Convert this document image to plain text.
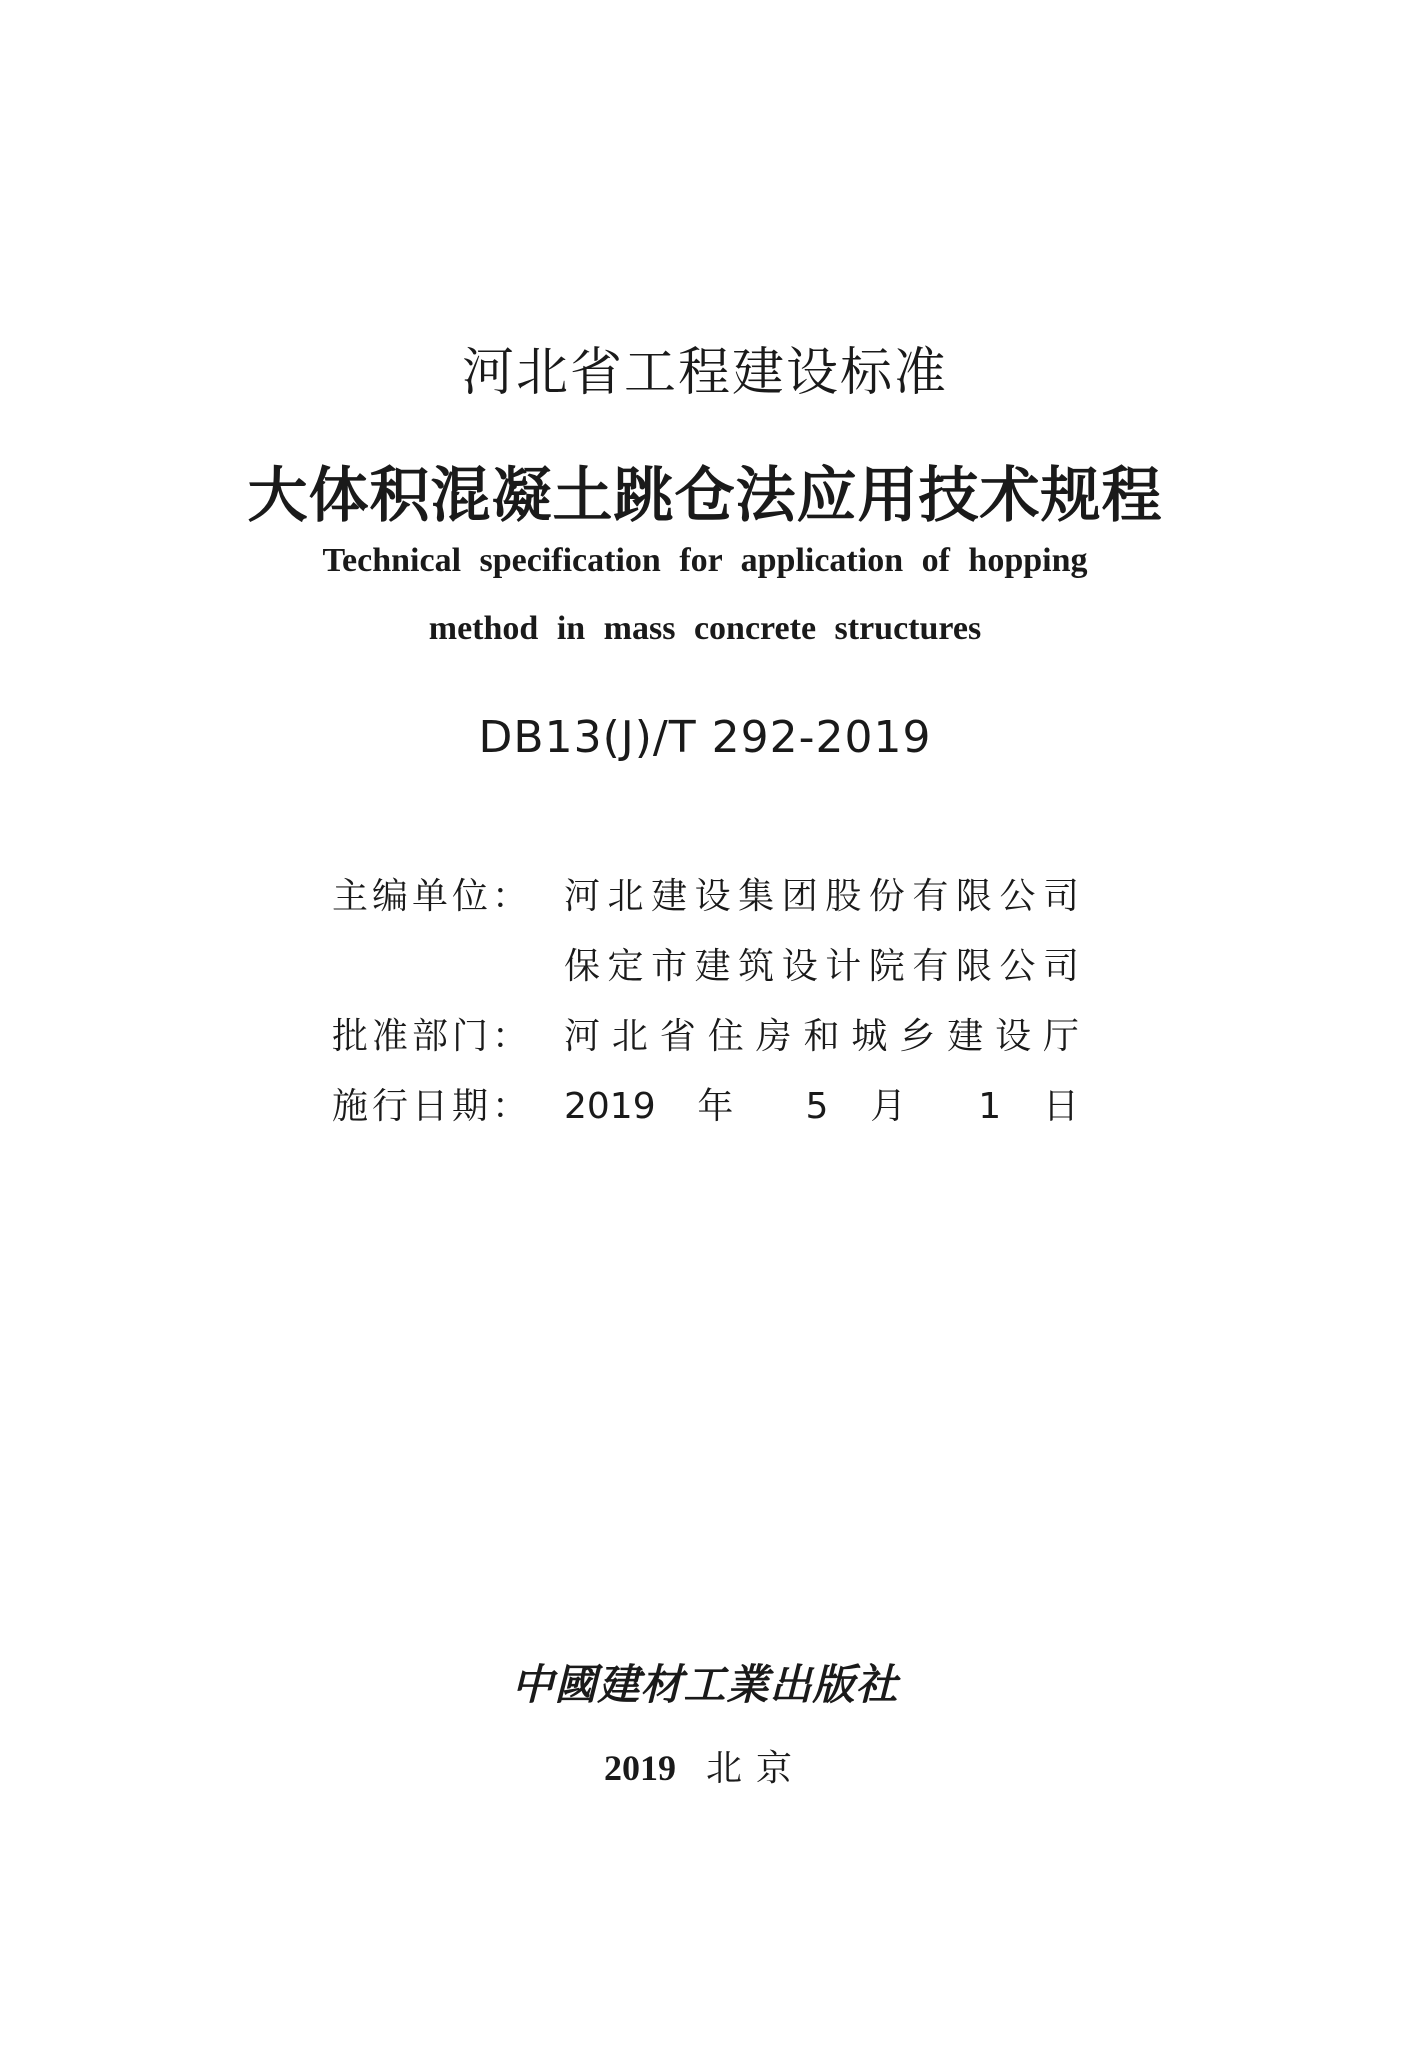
河北省工程建设标准
大体积混凝土跳仓法应用技术规程
Technical specification for application of hopping
method in mass concrete structures
DB13(J)/T 292-2019
主编单位： 河北建设集团股份有限公司
保定市建筑设计院有限公司
批准部门： 河北省住房和城乡建设厅
施行日期： 2019 年 5 月 1 日
中國建材工業出版社
2019 北京
